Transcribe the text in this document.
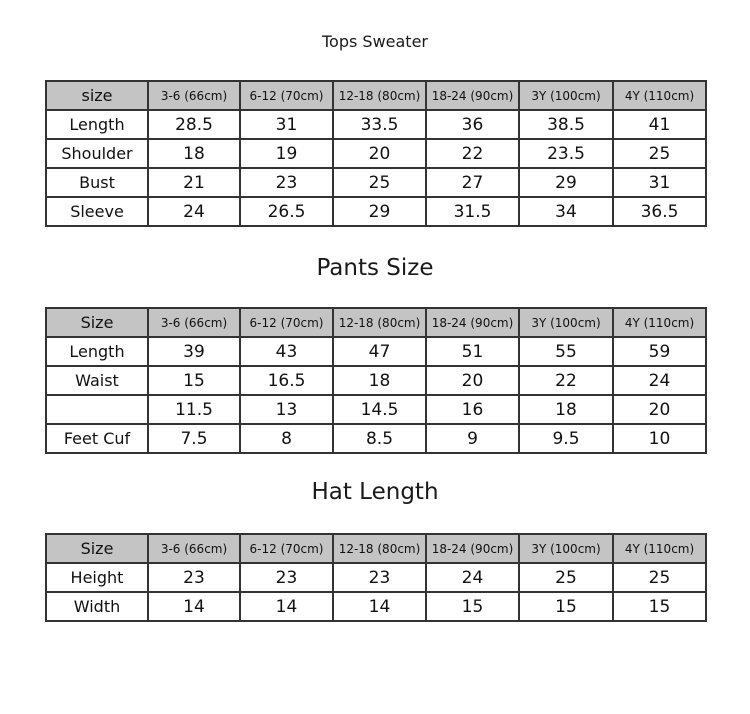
Tops Sweater
size	3-6 (66cm)	6-12 (70cm)	12-18 (80cm)	18-24 (90cm)	3Y (100cm)	4Y (110cm)
Length	28.5	31	33.5	36	38.5	41
Shoulder	18	19	20	22	23.5	25
Bust	21	23	25	27	29	31
Sleeve	24	26.5	29	31.5	34	36.5
Pants Size
Size	3-6 (66cm)	6-12 (70cm)	12-18 (80cm)	18-24 (90cm)	3Y (100cm)	4Y (110cm)
Length	39	43	47	51	55	59
Waist	15	16.5	18	20	22	24
	11.5	13	14.5	16	18	20
Feet Cuf	7.5	8	8.5	9	9.5	10
Hat Length
Size	3-6 (66cm)	6-12 (70cm)	12-18 (80cm)	18-24 (90cm)	3Y (100cm)	4Y (110cm)
Height	23	23	23	24	25	25
Width	14	14	14	15	15	15
